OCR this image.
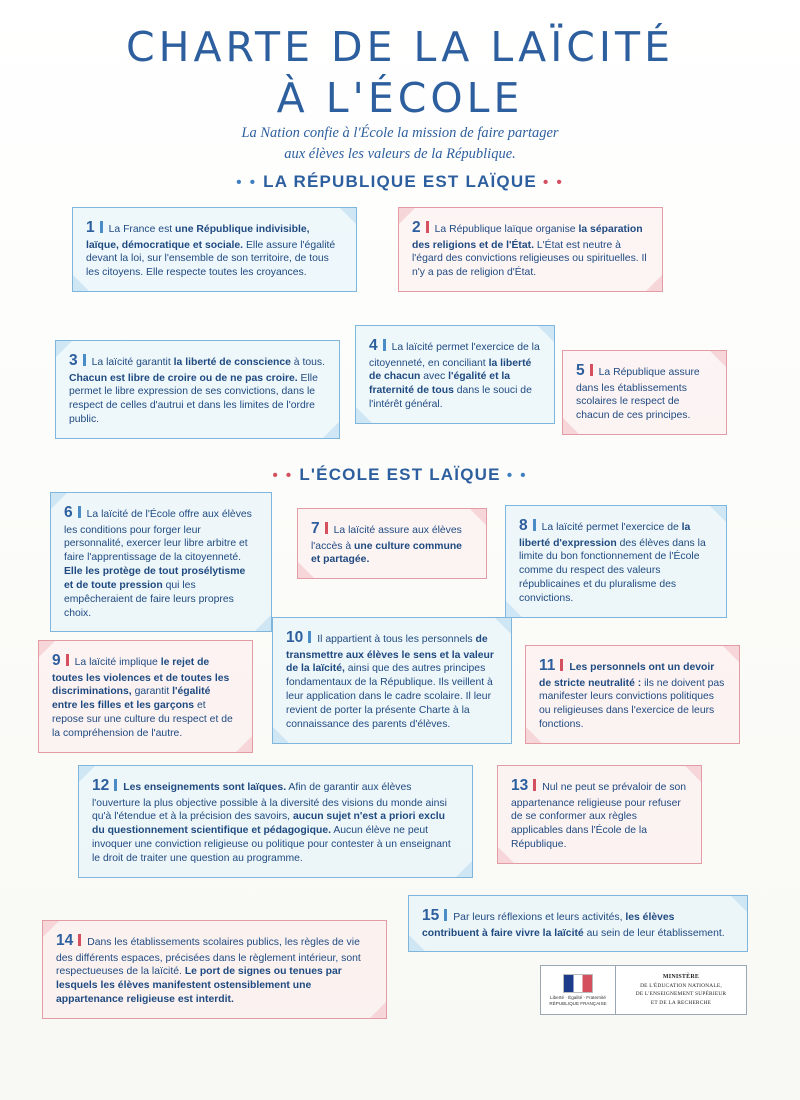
CHARTE DE LA LAÏCITÉ
À L'ÉCOLE
La Nation confie à l'École la mission de faire partager
aux élèves les valeurs de la République.
• • LA RÉPUBLIQUE EST LAÏQUE • •
• • L'ÉCOLE EST LAÏQUE • •
1 La France est une République indivisible,
laïque, démocratique et sociale. Elle assure l'égalité devant la loi, sur l'ensemble de son territoire, de tous les citoyens. Elle respecte toutes les croyances.
2 La République laïque organise la séparation des religions et de l'État. L'État est neutre à l'égard des convictions religieuses ou spirituelles. Il n'y a pas de religion d'État.
3 La laïcité garantit la liberté de conscience à tous. Chacun est libre de croire ou de ne pas croire. Elle permet le libre expression de ses convictions, dans le respect de celles d'autrui et dans les limites de l'ordre public.
4 La laïcité permet l'exercice de la citoyenneté, en conciliant la liberté de chacun avec l'égalité et la fraternité de tous dans le souci de l'intérêt général.
5 La République assure dans les établissements scolaires le respect de chacun de ces principes.
6 La laïcité de l'École offre aux élèves les conditions pour forger leur personnalité, exercer leur libre arbitre et faire l'apprentissage de la citoyenneté. Elle les protège de tout prosélytisme et de toute pression qui les empêcheraient de faire leurs propres choix.
7 La laïcité assure aux élèves l'accès à une culture commune et partagée.
8 La laïcité permet l'exercice de la liberté d'expression des élèves dans la limite du bon fonctionnement de l'École comme du respect des valeurs républicaines et du pluralisme des convictions.
9 La laïcité implique le rejet de toutes les violences et de toutes les discriminations, garantit l'égalité entre les filles et les garçons et repose sur une culture du respect et de la compréhension de l'autre.
10 Il appartient à tous les personnels de transmettre aux élèves le sens et la valeur de la laïcité, ainsi que des autres principes fondamentaux de la République. Ils veillent à leur application dans le cadre scolaire. Il leur revient de porter la présente Charte à la connaissance des parents d'élèves.
11 Les personnels ont un devoir de stricte neutralité : ils ne doivent pas manifester leurs convictions politiques ou religieuses dans l'exercice de leurs fonctions.
12 Les enseignements sont laïques. Afin de garantir aux élèves l'ouverture la plus objective possible à la diversité des visions du monde ainsi qu'à l'étendue et à la précision des savoirs, aucun sujet n'est a priori exclu du questionnement scientifique et pédagogique. Aucun élève ne peut invoquer une conviction religieuse ou politique pour contester à un enseignant le droit de traiter une question au programme.
13 Nul ne peut se prévaloir de son appartenance religieuse pour refuser de se conformer aux règles applicables dans l'École de la République.
14 Dans les établissements scolaires publics, les règles de vie des différents espaces, précisées dans le règlement intérieur, sont respectueuses de la laïcité. Le port de signes ou tenues par lesquels les élèves manifestent ostensiblement une appartenance religieuse est interdit.
15 Par leurs réflexions et leurs activités, les élèves contribuent à faire vivre la laïcité au sein de leur établissement.
Liberté · Égalité · Fraternité
RÉPUBLIQUE FRANÇAISE
MINISTÈRE
DE L'ÉDUCATION NATIONALE,
DE L'ENSEIGNEMENT SUPÉRIEUR
ET DE LA RECHERCHE
